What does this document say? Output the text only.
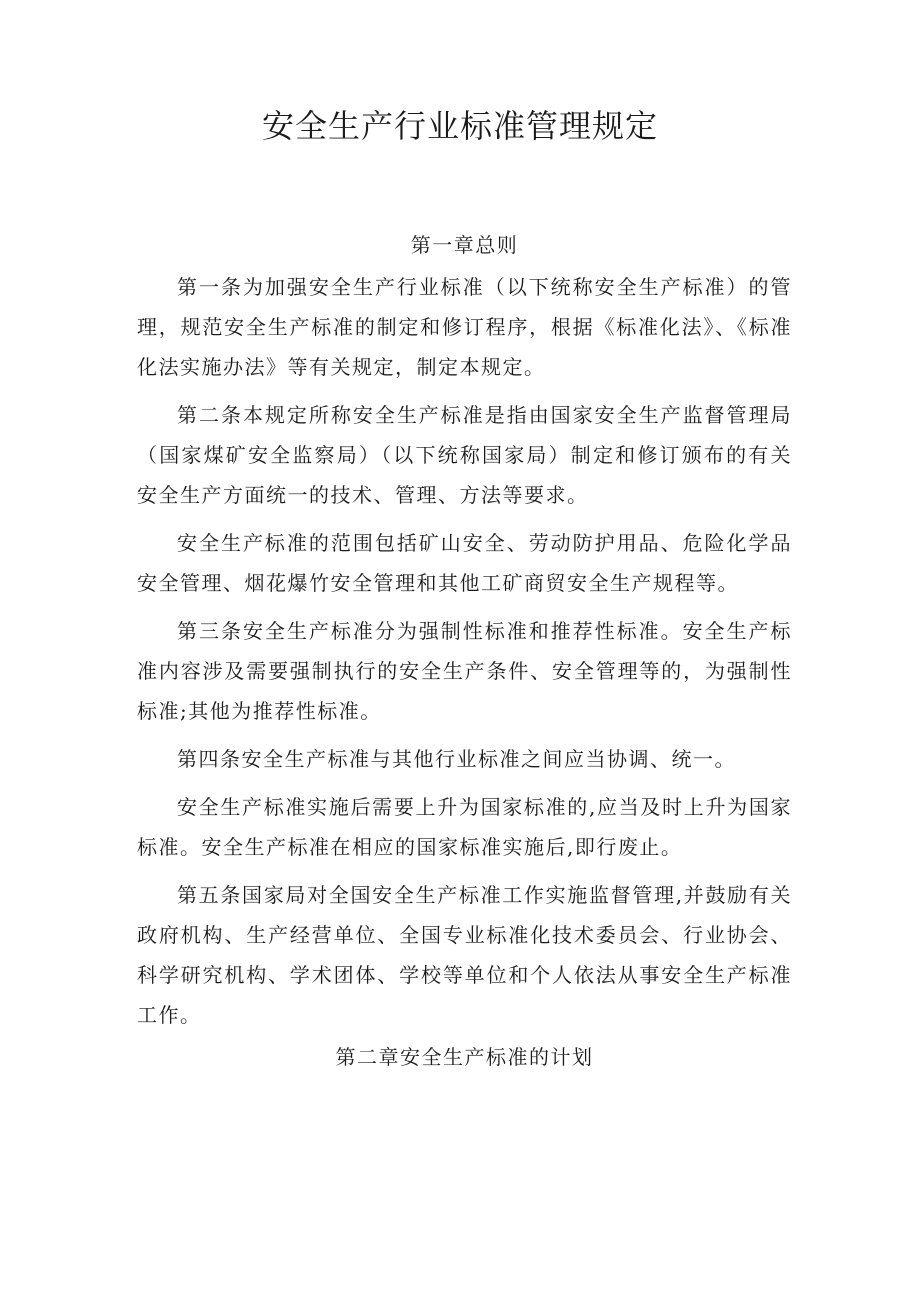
安全生产行业标准管理规定
第一章总则

第一条为加强安全生产行业标准（以下统称安全生产标准）的管理，规范安全生产标准的制定和修订程序，根据《标准化法》、《标准化法实施办法》等有关规定，制定本规定。

第二条本规定所称安全生产标准是指由国家安全生产监督管理局（国家煤矿安全监察局）（以下统称国家局）制定和修订颁布的有关安全生产方面统一的技术、管理、方法等要求。

安全生产标准的范围包括矿山安全、劳动防护用品、危险化学品安全管理、烟花爆竹安全管理和其他工矿商贸安全生产规程等。

第三条安全生产标准分为强制性标准和推荐性标准。安全生产标准内容涉及需要强制执行的安全生产条件、安全管理等的，为强制性标准;其他为推荐性标准。

第四条安全生产标准与其他行业标准之间应当协调、统一。

安全生产标准实施后需要上升为国家标准的,应当及时上升为国家标准。安全生产标准在相应的国家标准实施后,即行废止。

第五条国家局对全国安全生产标准工作实施监督管理,并鼓励有关政府机构、生产经营单位、全国专业标准化技术委员会、行业协会、科学研究机构、学术团体、学校等单位和个人依法从事安全生产标准工作。

第二章安全生产标准的计划
